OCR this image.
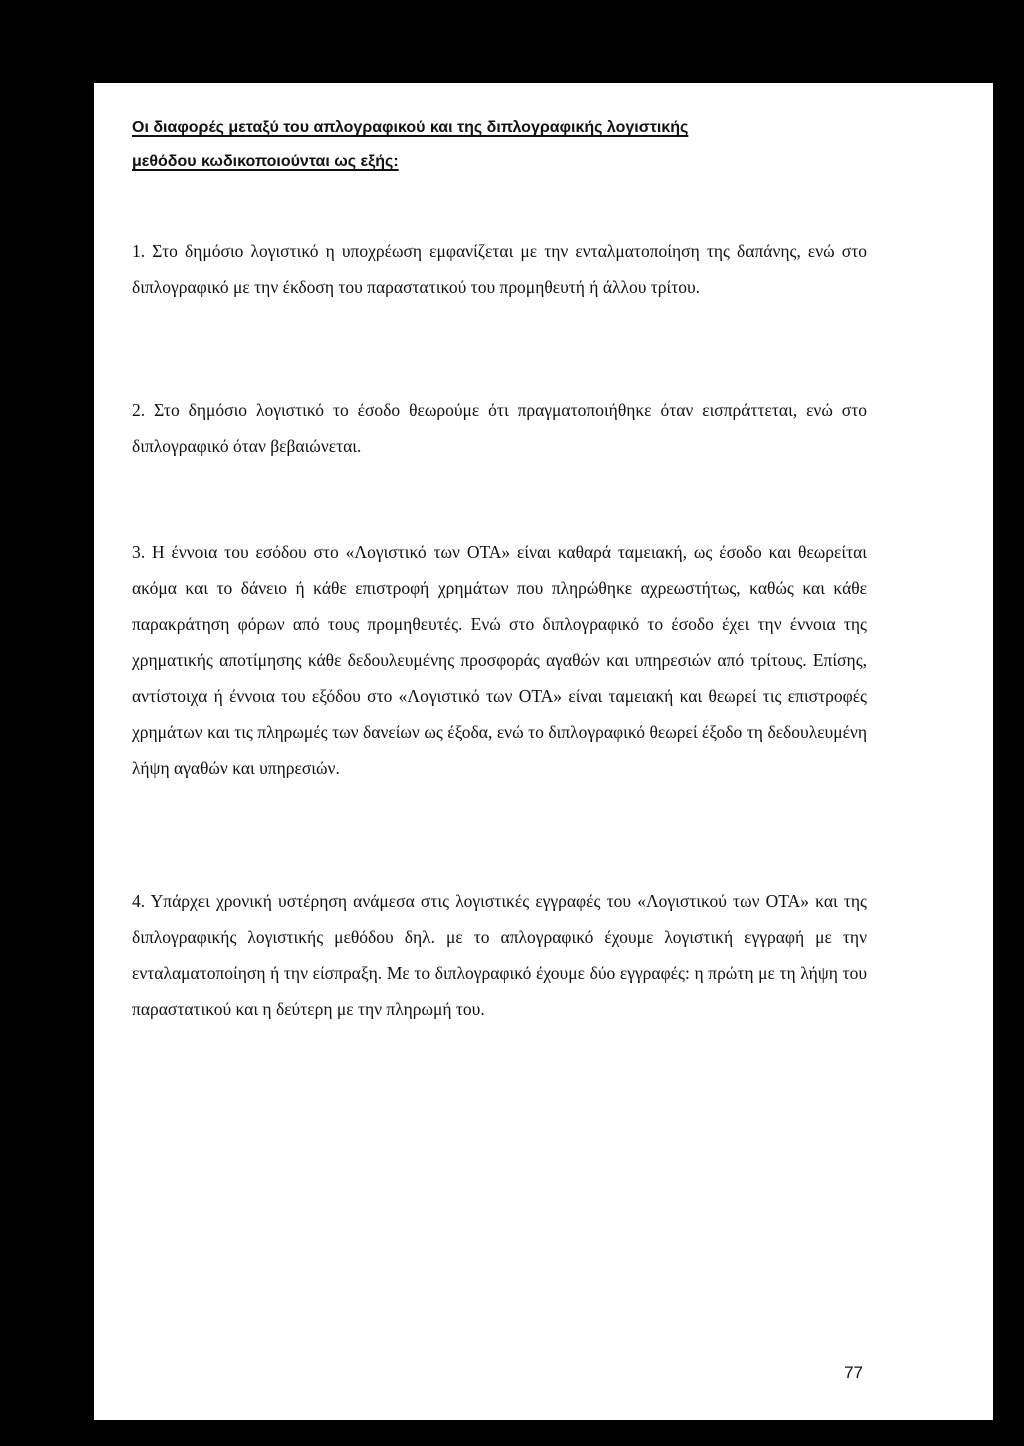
Οι διαφορές μεταξύ του απλογραφικού και της διπλογραφικής λογιστικής
μεθόδου κωδικοποιούνται ως εξής:

1. Στο δημόσιο λογιστικό η υποχρέωση εμφανίζεται με την ενταλματοποίηση της δαπάνης, ενώ στο διπλογραφικό με την έκδοση του παραστατικού του προμηθευτή ή άλλου τρίτου.

2. Στο δημόσιο λογιστικό το έσοδο θεωρούμε ότι πραγματοποιήθηκε όταν εισπράττεται, ενώ στο διπλογραφικό όταν βεβαιώνεται.

3. Η έννοια του εσόδου στο «Λογιστικό των ΟΤΑ» είναι καθαρά ταμειακή, ως έσοδο και θεωρείται ακόμα και το δάνειο ή κάθε επιστροφή χρημάτων που πληρώθηκε αχρεωστήτως, καθώς και κάθε παρακράτηση φόρων από τους προμηθευτές. Ενώ στο διπλογραφικό το έσοδο έχει την έννοια της χρηματικής αποτίμησης κάθε δεδουλευμένης προσφοράς αγαθών και υπηρεσιών από τρίτους. Επίσης, αντίστοιχα ή έννοια του εξόδου στο «Λογιστικό των ΟΤΑ» είναι ταμειακή και θεωρεί τις επιστροφές χρημάτων και τις πληρωμές των δανείων ως έξοδα, ενώ το διπλογραφικό θεωρεί έξοδο τη δεδουλευμένη λήψη αγαθών και υπηρεσιών.

4. Υπάρχει χρονική υστέρηση ανάμεσα στις λογιστικές εγγραφές του «Λογιστικού των ΟΤΑ» και της διπλογραφικής λογιστικής μεθόδου δηλ. με το απλογραφικό έχουμε λογιστική εγγραφή με την ενταλαματοποίηση ή την είσπραξη. Με το διπλογραφικό έχουμε δύο εγγραφές: η πρώτη με τη λήψη του παραστατικού και η δεύτερη με την πληρωμή του.

77
